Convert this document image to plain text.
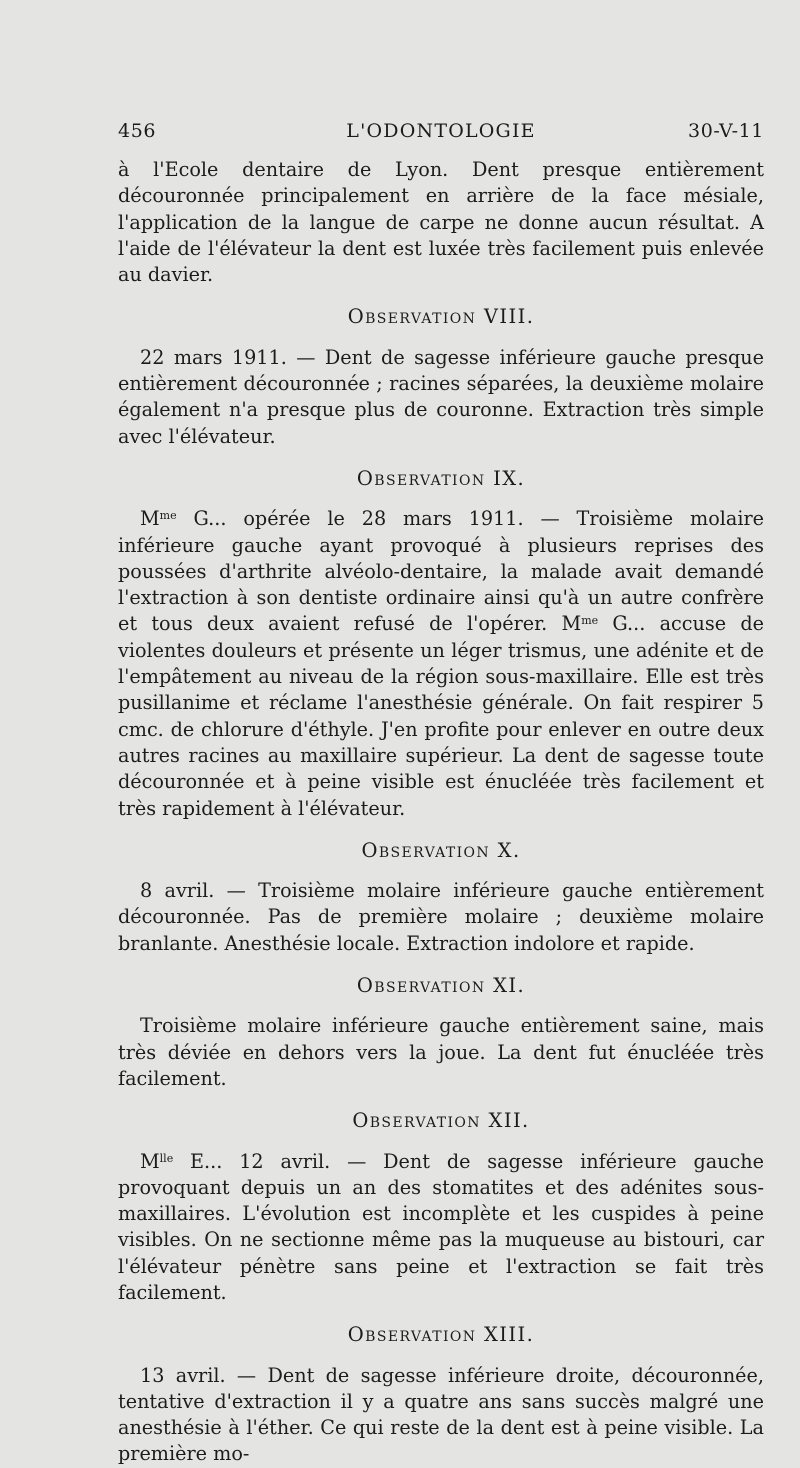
456	L'ODONTOLOGIE	30-V-11

à l'Ecole dentaire de Lyon. Dent presque entièrement découronnée principalement en arrière de la face mésiale, l'application de la langue de carpe ne donne aucun résultat. A l'aide de l'élévateur la dent est luxée très facilement puis enlevée au davier.

Observation VIII.

22 mars 1911. — Dent de sagesse inférieure gauche presque entièrement découronnée ; racines séparées, la deuxième molaire également n'a presque plus de couronne. Extraction très simple avec l'élévateur.

Observation IX.

$M^{me}$ G... opérée le 28 mars 1911. — Troisième molaire inférieure gauche ayant provoqué à plusieurs reprises des poussées d'arthrite alvéolo-dentaire, la malade avait demandé l'extraction à son dentiste ordinaire ainsi qu'à un autre confrère et tous deux avaient refusé de l'opérer. $M^{me}$ G... accuse de violentes douleurs et présente un léger trismus, une adénite et de l'empâtement au niveau de la région sous-maxillaire. Elle est très pusillanime et réclame l'anesthésie générale. On fait respirer 5 cmc. de chlorure d'éthyle. J'en profite pour enlever en outre deux autres racines au maxillaire supérieur. La dent de sagesse toute découronnée et à peine visible est énucléée très facilement et très rapidement à l'élévateur.

Observation X.

8 avril. — Troisième molaire inférieure gauche entièrement découronnée. Pas de première molaire ; deuxième molaire branlante. Anesthésie locale. Extraction indolore et rapide.

Observation XI.

Troisième molaire inférieure gauche entièrement saine, mais très déviée en dehors vers la joue. La dent fut énucléée très facilement.

Observation XII.

$M^{lle}$ E... 12 avril. — Dent de sagesse inférieure gauche provoquant depuis un an des stomatites et des adénites sous-maxillaires. L'évolution est incomplète et les cuspides à peine visibles. On ne sectionne même pas la muqueuse au bistouri, car l'élévateur pénètre sans peine et l'extraction se fait très facilement.

Observation XIII.

13 avril. — Dent de sagesse inférieure droite, découronnée, tentative d'extraction il y a quatre ans sans succès malgré une anesthésie à l'éther. Ce qui reste de la dent est à peine visible. La première mo-
